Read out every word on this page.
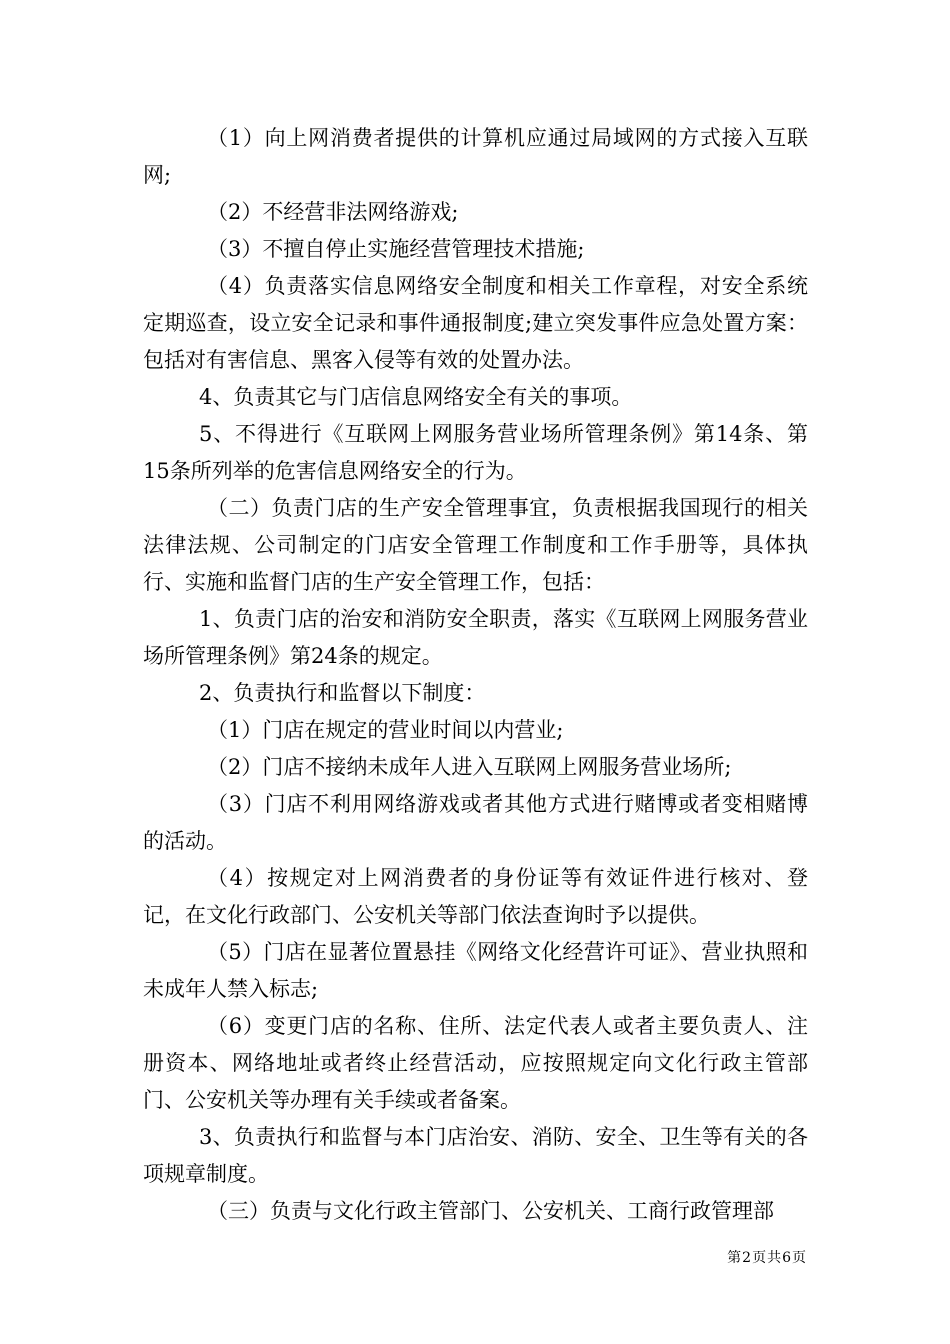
（1）向上网消费者提供的计算机应通过局域网的方式接入互联网;

（2）不经营非法网络游戏;

（3）不擅自停止实施经营管理技术措施;

（4）负责落实信息网络安全制度和相关工作章程，对安全系统定期巡查，设立安全记录和事件通报制度;建立突发事件应急处置方案：包括对有害信息、黑客入侵等有效的处置办法。

4、负责其它与门店信息网络安全有关的事项。

5、不得进行《互联网上网服务营业场所管理条例》第14条、第15条所列举的危害信息网络安全的行为。

（二）负责门店的生产安全管理事宜，负责根据我国现行的相关法律法规、公司制定的门店安全管理工作制度和工作手册等，具体执行、实施和监督门店的生产安全管理工作，包括：

1、负责门店的治安和消防安全职责，落实《互联网上网服务营业场所管理条例》第24条的规定。

2、负责执行和监督以下制度：

（1）门店在规定的营业时间以内营业;

（2）门店不接纳未成年人进入互联网上网服务营业场所;

（3）门店不利用网络游戏或者其他方式进行赌博或者变相赌博的活动。

（4）按规定对上网消费者的身份证等有效证件进行核对、登记，在文化行政部门、公安机关等部门依法查询时予以提供。

（5）门店在显著位置悬挂《网络文化经营许可证》、营业执照和未成年人禁入标志;

（6）变更门店的名称、住所、法定代表人或者主要负责人、注册资本、网络地址或者终止经营活动，应按照规定向文化行政主管部门、公安机关等办理有关手续或者备案。

3、负责执行和监督与本门店治安、消防、安全、卫生等有关的各项规章制度。

（三）负责与文化行政主管部门、公安机关、工商行政管理部

第2页共6页
